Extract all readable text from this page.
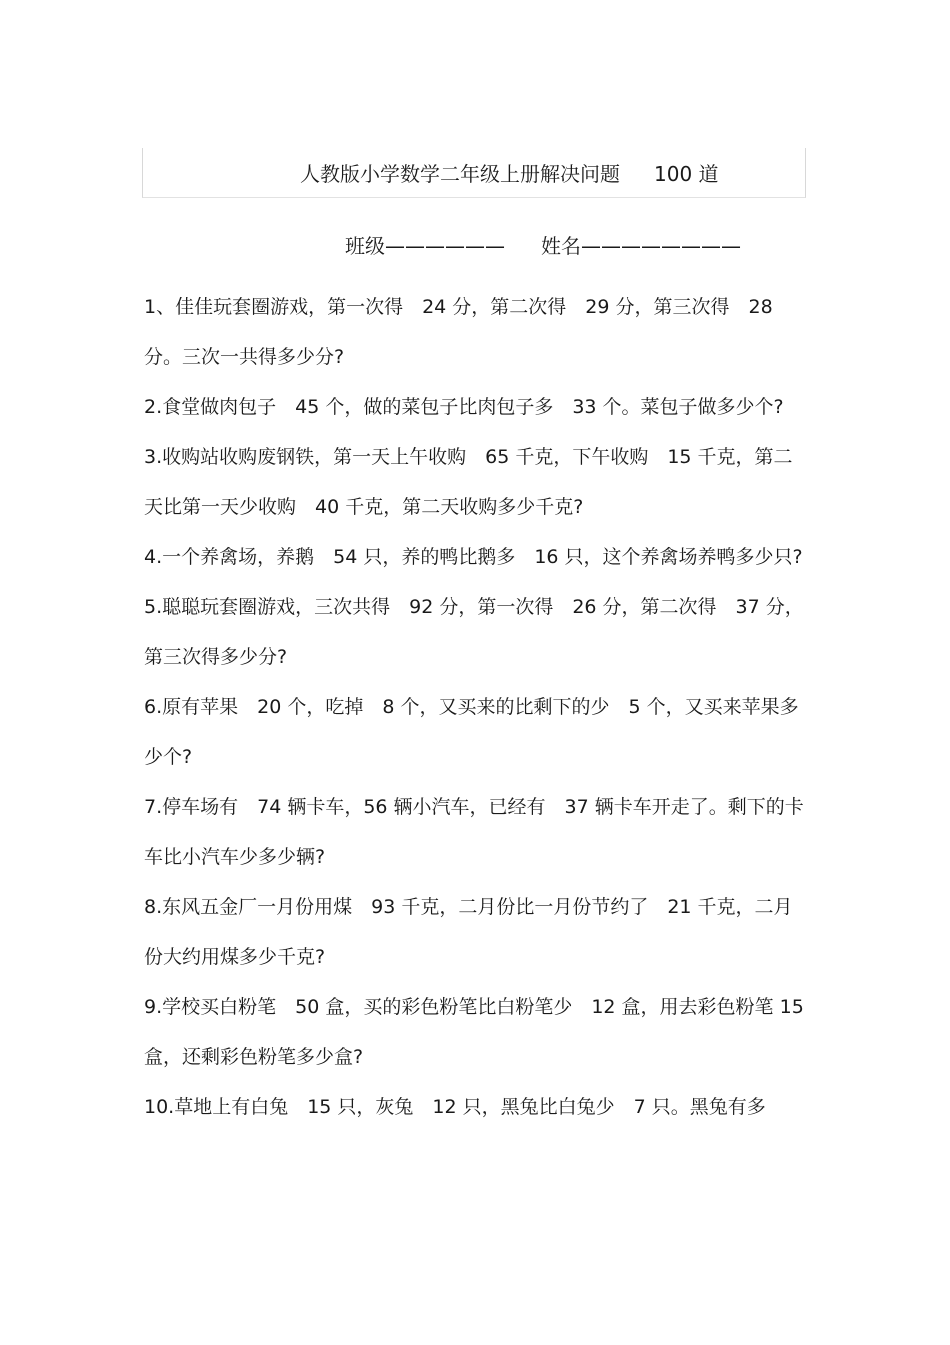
人教版小学数学二年级上册解决问题 100 道
班级—————— 姓名————————
1、佳佳玩套圈游戏，第一次得　24 分，第二次得　29 分，第三次得　28 分。三次一共得多少分?
2.食堂做肉包子　45 个，做的菜包子比肉包子多　33 个。菜包子做多少个?
3.收购站收购废钢铁，第一天上午收购　65 千克，下午收购　15 千克，第二天比第一天少收购　40 千克，第二天收购多少千克?
4.一个养禽场，养鹅　54 只，养的鸭比鹅多　16 只，这个养禽场养鸭多少只?
5.聪聪玩套圈游戏，三次共得　92 分，第一次得　26 分，第二次得　37 分，第三次得多少分?
6.原有苹果　20 个，吃掉　8 个，又买来的比剩下的少　5 个，又买来苹果多少个?
7.停车场有　74 辆卡车，56 辆小汽车，已经有　37 辆卡车开走了。剩下的卡车比小汽车少多少辆?
8.东风五金厂一月份用煤　93 千克，二月份比一月份节约了　21 千克，二月份大约用煤多少千克?
9.学校买白粉笔　50 盒，买的彩色粉笔比白粉笔少　12 盒，用去彩色粉笔 15 盒，还剩彩色粉笔多少盒?
10.草地上有白兔　15 只，灰兔　12 只，黑兔比白兔少　7 只。黑兔有多
